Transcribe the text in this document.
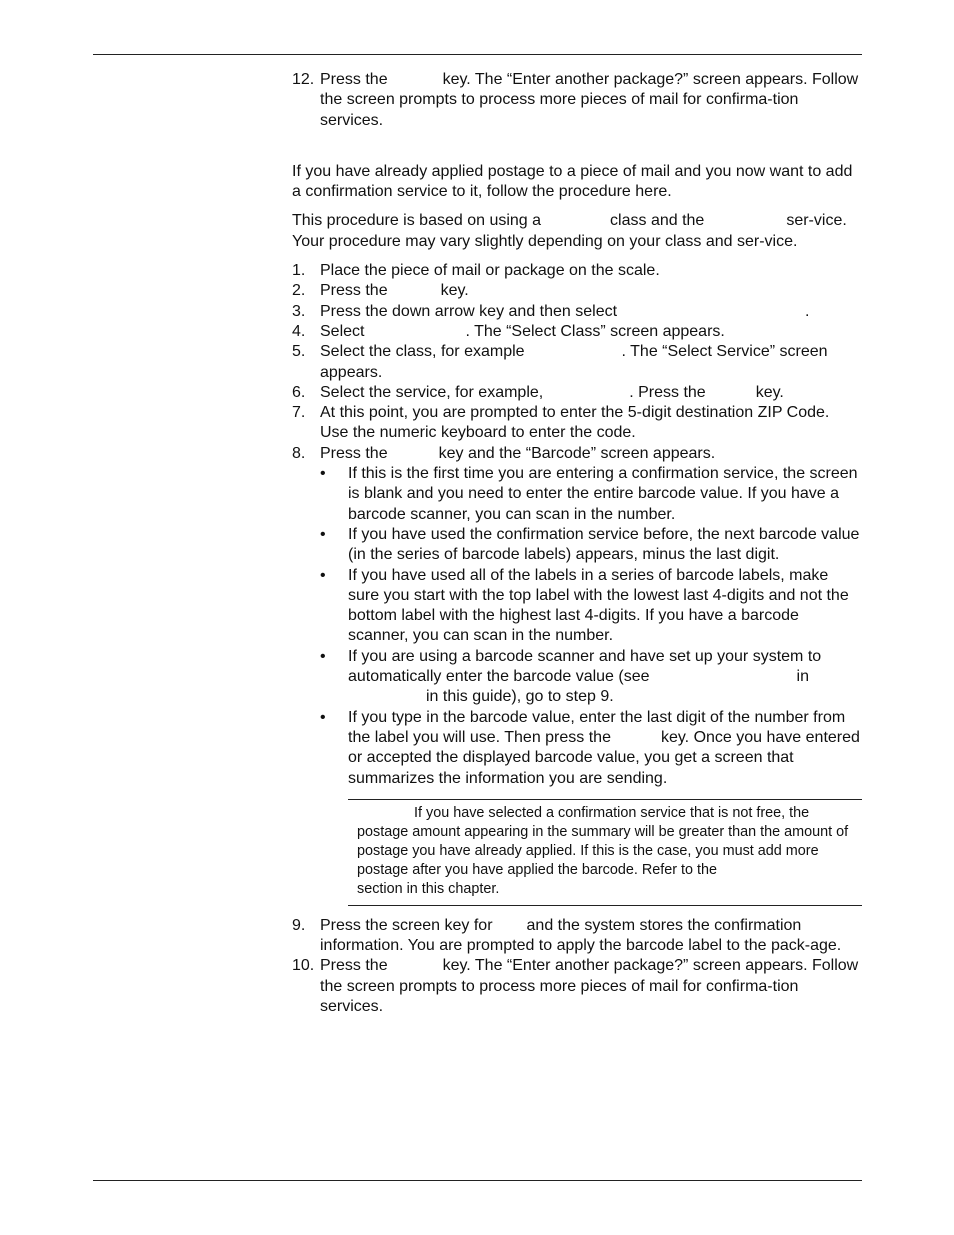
12. Press the	key. The “Enter another package?” screen appears. Follow the screen prompts to process more pieces of mail for confirma-tion services.

If you have already applied postage to a piece of mail and you now want to add a confirmation service to it, follow the procedure here.

This procedure is based on using a	class and the	ser-vice. Your procedure may vary slightly depending on your class and ser-vice.

1. Place the piece of mail or package on the scale.
2. Press the	key.
3. Press the down arrow key and then select	.
4. Select	. The “Select Class” screen appears.
5. Select the class, for example	. The “Select Service” screen appears.
6. Select the service, for example,	. Press the	key.
7. At this point, you are prompted to enter the 5-digit destination ZIP Code. Use the numeric keyboard to enter the code.
8. Press the	key and the “Barcode” screen appears.
• If this is the first time you are entering a confirmation service, the screen is blank and you need to enter the entire barcode value. If you have a barcode scanner, you can scan in the number.
• If you have used the confirmation service before, the next barcode value (in the series of barcode labels) appears, minus the last digit.
• If you have used all of the labels in a series of barcode labels, make sure you start with the top label with the lowest last 4-digits and not the bottom label with the highest last 4-digits. If you have a barcode scanner, you can scan in the number.
• If you are using a barcode scanner and have set up your system to automatically enter the barcode value (see	inin this guide), go to step 9.
• If you type in the barcode value, enter the last digit of the number from the label you will use. Then press the	key. Once you have entered or accepted the displayed barcode value, you get a screen that summarizes the information you are sending.
If you have selected a confirmation service that is not free, the postage amount appearing in the summary will be greater than the amount of postage you have already applied. If this is the case, you must add more postage after you have applied the barcode. Refer to thesection in this chapter.
9. Press the screen key for and the system stores the confirmation information. You are prompted to apply the barcode label to the pack-age.
10. Press the	key. The “Enter another package?” screen appears. Follow the screen prompts to process more pieces of mail for confirma-tion services.
